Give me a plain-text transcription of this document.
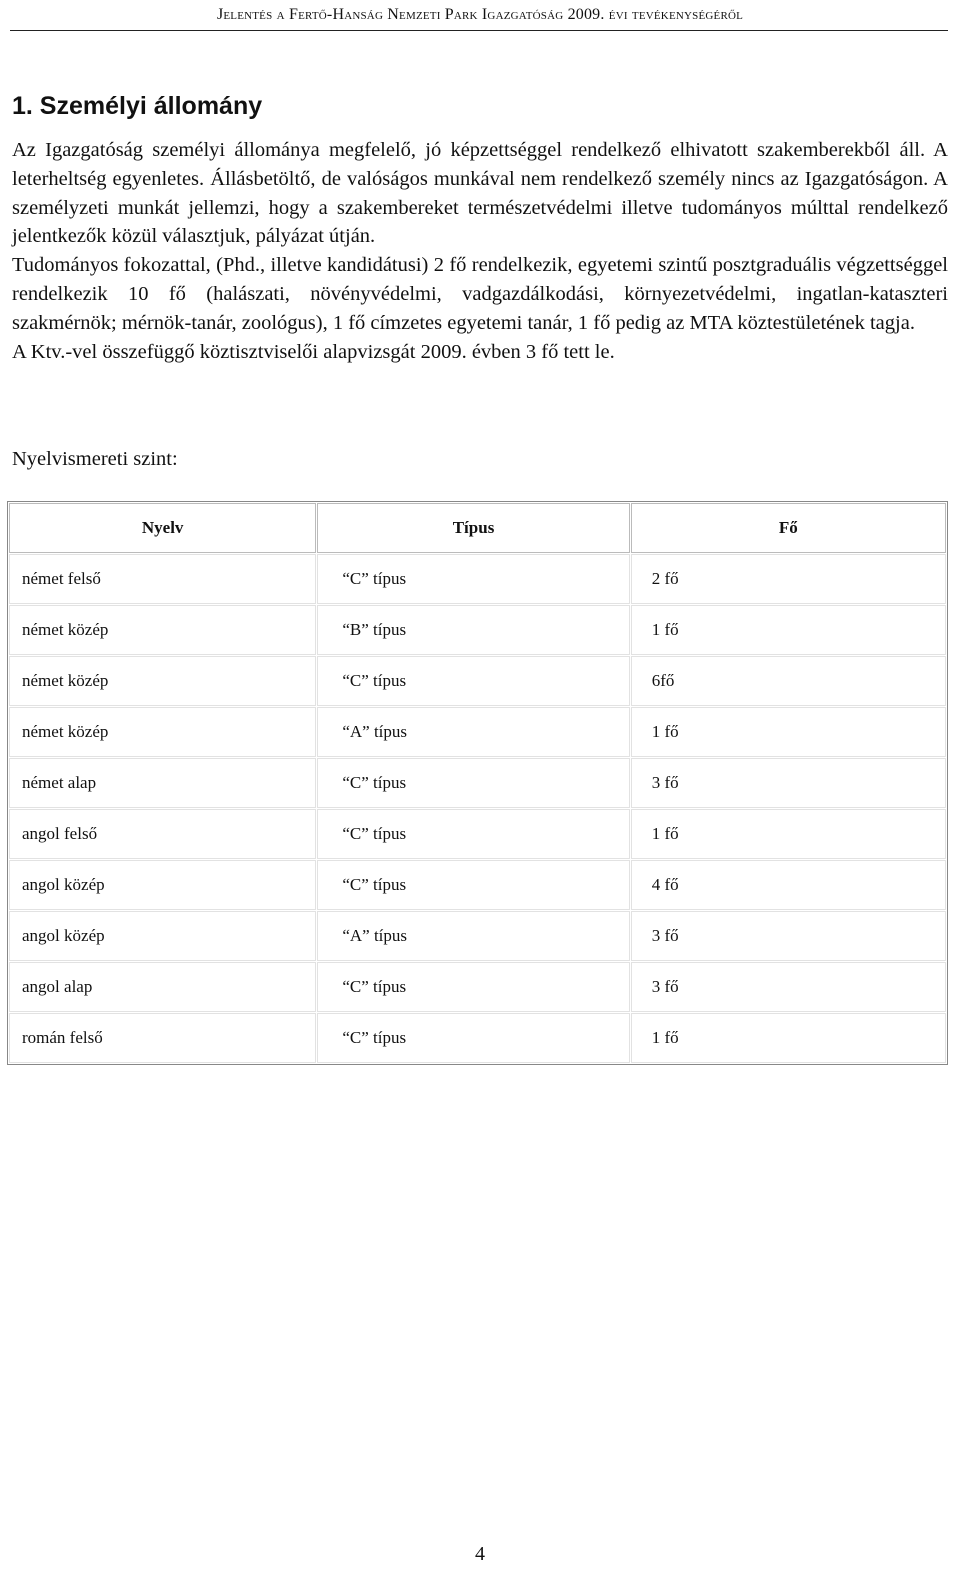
Jelentés a Fertő-Hanság Nemzeti Park Igazgatóság 2009. évi tevékenységéről
1. Személyi állomány

Az Igazgatóság személyi állománya megfelelő, jó képzettséggel rendelkező elhivatott szakemberekből áll. A leterheltség egyenletes. Állásbetöltő, de valóságos munkával nem rendelkező személy nincs az Igazgatóságon. A személyzeti munkát jellemzi, hogy a szakembereket természetvédelmi illetve tudományos múlttal rendelkező jelentkezők közül választjuk, pályázat útján.

Tudományos fokozattal, (Phd., illetve kandidátusi) 2 fő rendelkezik, egyetemi szintű posztgraduális végzettséggel rendelkezik 10 fő (halászati, növényvédelmi, vadgazdálkodási, környezetvédelmi, ingatlan-kataszteri szakmérnök; mérnök-tanár, zoológus), 1 fő címzetes egyetemi tanár, 1 fő pedig az MTA köztestületének tagja.

A Ktv.-vel összefüggő köztisztviselői alapvizsgát 2009. évben 3 fő tett le.

Nyelvismereti szint:
Nyelv	Típus	Fő
német felső	“C” típus	2 fő
német közép	“B” típus	1 fő
német közép	“C” típus	6fő
német közép	“A” típus	1 fő
német alap	“C” típus	3 fő
angol felső	“C” típus	1 fő
angol közép	“C” típus	4 fő
angol közép	“A” típus	3 fő
angol alap	“C” típus	3 fő
román felső	“C” típus	1 fő
4
